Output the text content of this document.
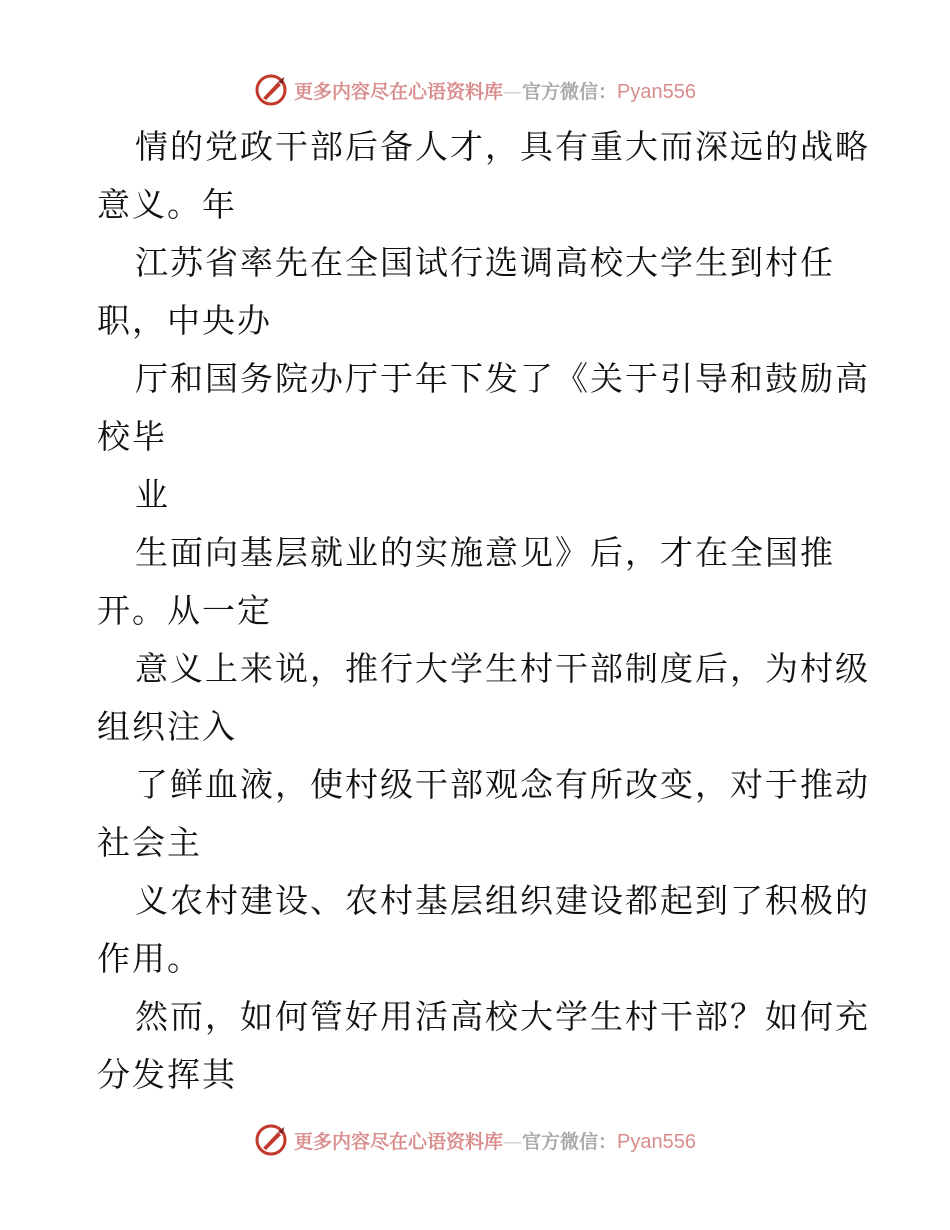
更多内容尽在心语资料库—官方微信：Pyan556
情的党政干部后备人才，具有重大而深远的战略
意义。年
江苏省率先在全国试行选调高校大学生到村任
职，中央办
厅和国务院办厅于年下发了《关于引导和鼓励高
校毕
业
生面向基层就业的实施意见》后，才在全国推
开。从一定
意义上来说，推行大学生村干部制度后，为村级
组织注入
了鲜血液，使村级干部观念有所改变，对于推动
社会主
义农村建设、农村基层组织建设都起到了积极的
作用。
然而，如何管好用活高校大学生村干部？如何充
分发挥其
更多内容尽在心语资料库—官方微信：Pyan556
